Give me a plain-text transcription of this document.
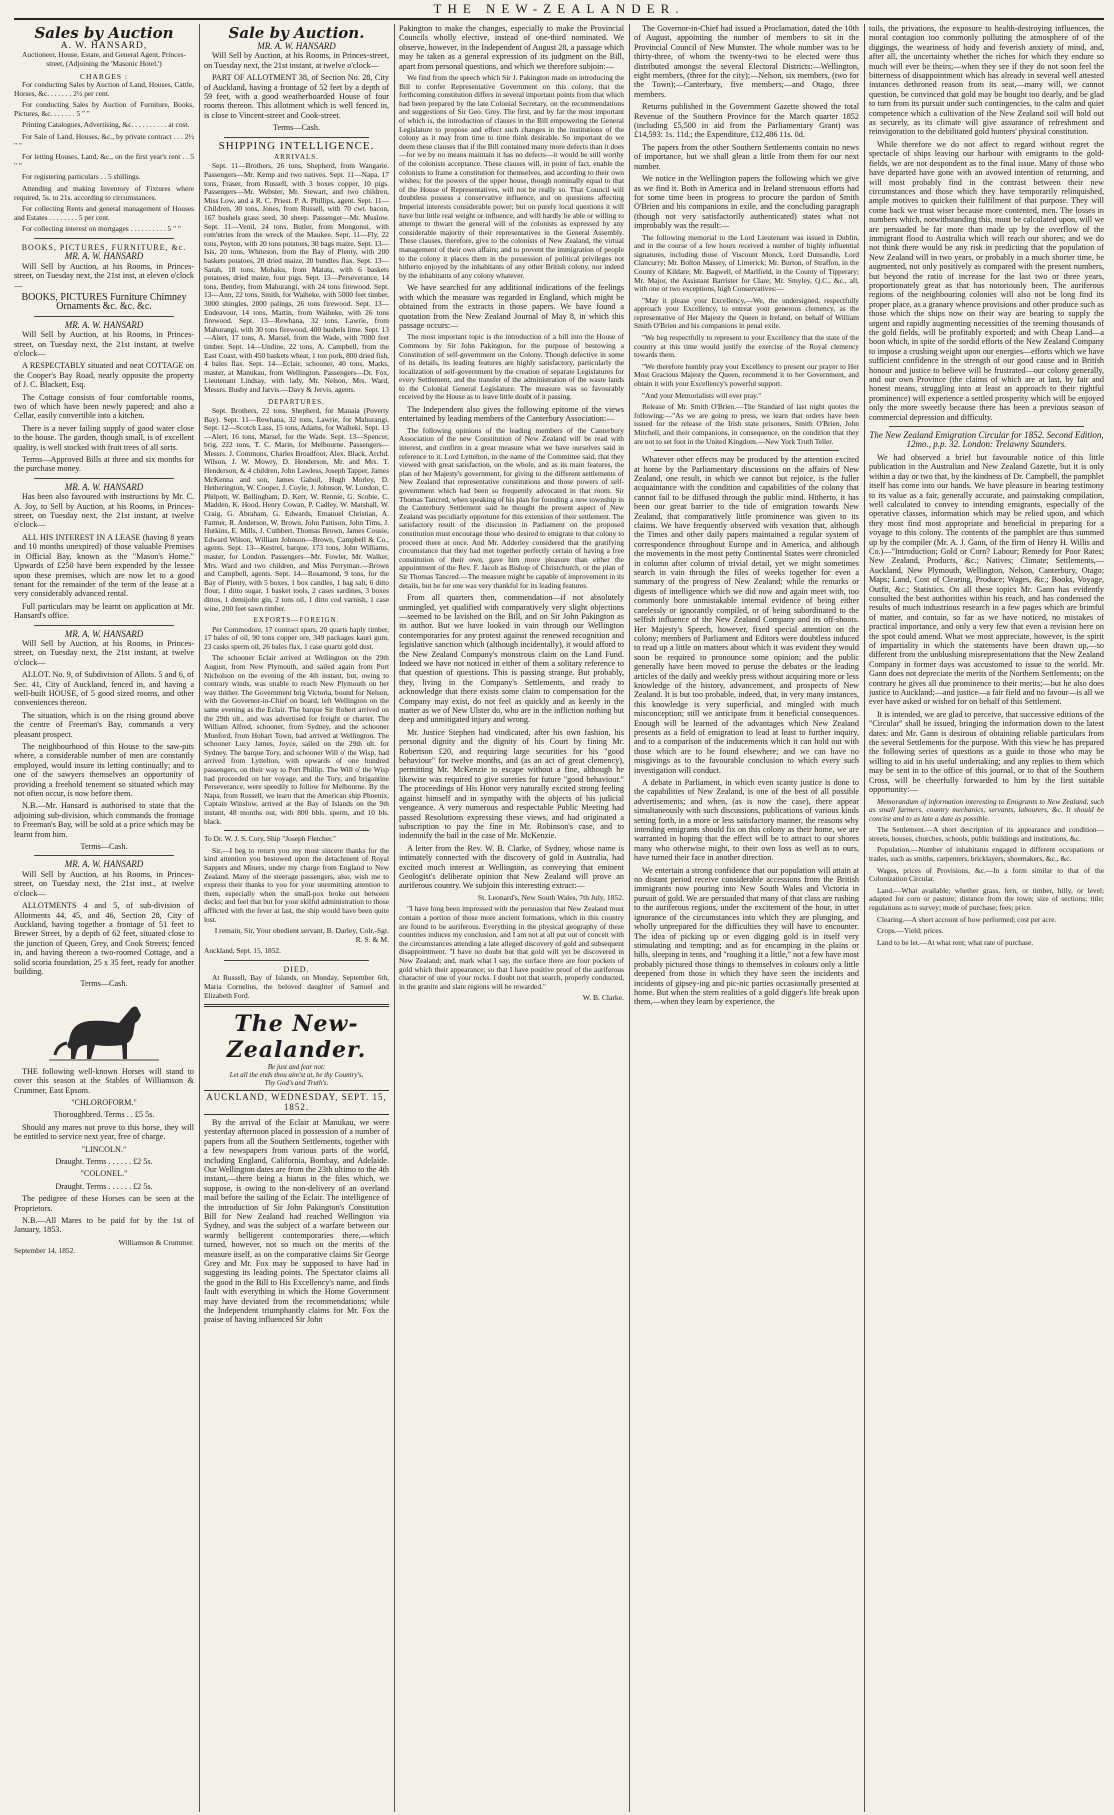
THE NEW-ZEALANDER.
Sales by Auction
A. W. HANSARD,
Auctioneer, House, Estate, and General Agent, Princes-street, (Adjoining the 'Masonic Hotel.')
CHARGES :

For conducting Sales by Auction of Land, Houses, Cattle, Horses, &c. . . . . . . 2½ per cent.

For conducting Sales by Auction of Furniture, Books, Pictures, &c. . . . . . . 5 " "

Printing Catalogues, Advertising, &c. . . . . . . . . . at cost.

For Sale of Land, Houses, &c., by private contract . . . 2½ " "

For letting Houses, Land, &c., on the first year's rent . . 5 " "

For registering particulars . . 5 shillings.

Attending and making Inventory of Fixtures where required, 5s. to 21s. according to circumstances.

For collecting Rents and general management of Houses and Estates . . . . . . . . 5 per cent.

For collecting interest on mortgages . . . . . . . . . . 5 " "

BOOKS, PICTURES, FURNITURE, &c.
MR. A. W. HANSARD

Will Sell by Auction, at his Rooms, in Princes-street, on Tuesday next, the 21st inst, at eleven o'clock—

BOOKS, PICTURES Furniture Chimney Ornaments &c. &c. &c.

MR. A. W. HANSARD

Will Sell by Auction, at his Rooms, in Princes-street, on Tuesday next, the 21st instant, at twelve o'clock—

A RESPECTABLY situated and neat COTTAGE on the Cooper's Bay Road, nearly opposite the property of J. C. Blackett, Esq.

The Cottage consists of four comfortable rooms, two of which have been newly papered; and also a Cellar, easily convertible into a kitchen.

There is a never failing supply of good water close to the house. The garden, though small, is of excellent quality, is well stocked with fruit trees of all sorts.

Terms—Approved Bills at three and six months for the purchase money.

MR. A. W. HANSARD

Has been also favoured with instructions by Mr. C. A. Joy, to Sell by Auction, at his Rooms, in Princes-street, on Tuesday next, the 21st instant, at twelve o'clock—

ALL HIS INTEREST IN A LEASE (having 8 years and 10 months unexpired) of those valuable Premises in Official Bay, known as the "Mason's Home." Upwards of £250 have been expended by the lessee upon these premises, which are now let to a good tenant for the remainder of the term of the lease at a very considerably advanced rental.

Full particulars may be learnt on application at Mr. Hansard's office.

MR. A. W. HANSARD

Will Sell by Auction, at his Rooms, in Princes-street, on Tuesday next, the 21st instant, at twelve o'clock—

ALLOT. No. 9, of Subdivision of Allots. 5 and 6, of Sec. 41, City of Auckland, fenced in, and having a well-built HOUSE, of 5 good sized rooms, and other conveniences thereon.

The situation, which is on the rising ground above the centre of Freeman's Bay, commands a very pleasant prospect.

The neighbourhood of this House to the saw-pits where, a considerable number of men are constantly employed, would insure its letting continually; and to one of the sawyers themselves an opportunity of providing a freehold tenement so situated which may not often occur, is now before them.

N.B.—Mr. Hansard is authorised to state that the adjoining sub-division, which commands the frontage to Freeman's Bay, will be sold at a price which may be learnt from him.

Terms—Cash.

MR. A. W. HANSARD

Will Sell by Auction, at his Rooms, in Princes-street, on Tuesday next, the 21st inst., at twelve o'clock—

ALLOTMENTS 4 and 5, of sub-division of Allotments 44, 45, and 46, Section 28, City of Auckland, having together a frontage of 51 feet to Brewer Street, by a depth of 62 feet, situated close to the junction of Queen, Grey, and Cook Streets; fenced in, and having thereon a two-roomed Cottage, and a solid scoria foundation, 25 x 35 feet, ready for another building.

Terms—Cash.

THE following well-known Horses will stand to cover this season at the Stables of Williamson & Crummer, East Epsom.

"CHLOROFORM."

Thoroughbred. Terms . . £5 5s.

Should any mares not prove to this horse, they will be entitled to service next year, free of charge.

"LINCOLN."

Draught. Terms . . . . . . £2 5s.

"COLONEL."

Draught. Terms . . . . . . £2 5s.

The pedigree of these Horses can be seen at the Proprietors.

N.B.—All Mares to be paid for by the 1st of January, 1853.

Williamson & Crummer.
September 14, 1852.
Sale by Auction.
MR. A. W. HANSARD

Will Sell by Auction, at his Rooms, in Princes-street, on Tuesday next, the 21st instant, at twelve o'clock—

PART OF ALLOTMENT 38, of Section No. 28, City of Auckland, having a frontage of 52 feet by a depth of 59 feet, with a good weatherboarded House of four rooms thereon. This allotment which is well fenced in, is close to Vincent-street and Cook-street.

Terms—Cash.

SHIPPING INTELLIGENCE.
ARRIVALS.

Sept. 11—Brothers, 26 tons, Shepherd, from Wangarie. Passengers—Mr. Kemp and two natives. Sept. 11—Napa, 17 tons, Fraser, from Russell, with 3 boxes copper, 10 pigs. Passengers—Mr. Webster, Mr. Stewart, and two children, Miss Low, and a R. C. Priest. P. A. Phillips, agent. Sept. 11—Children, 30 tons, Jones, from Russell, with 70 cwt. bacon, 167 bushels grass seed, 30 sheep. Passenger—Mr. Muslow. Sept. 11—Venil, 24 tons, Butler, from Mongonui, with rom'ntries from the wreck of the Maukee. Sept. 11—Fly, 22 tons, Peyton, with 20 tons potatoes, 30 bags maize. Sept. 13—Isis, 20 tons, Whiteson, from the Bay of Plenty, with 200 baskets potatoes, 20 dried maize, 20 bundles flax. Sept. 13—Sarah, 18 tons, Mohaku, from Matata, with 6 baskets potatoes, dried maize, four pigs. Sept. 13—Perseverance, 14 tons, Bentley, from Mahurangi, with 24 tons firewood. Sept. 13—Ann, 22 tons, Smith, for Waiheke, with 5000 feet timber, 3000 shingles, 2000 palings, 26 tons firewood. Sept. 13—Endeavour, 14 tons, Martin, from Waiheke, with 26 tons firewood. Sept. 13—Rewhana, 32 tons, Lawrie, from Mahurangi, with 30 tons firewood, 400 bushels lime. Sept. 13—Alert, 17 tons, A. Marsel, from the Wade, with 7000 feet timber. Sept. 14—Undine, 22 tons, A. Campbell, from the East Coast, with 450 baskets wheat, 1 ton pork, 800 dried fish, 4 bales flax. Sept. 14—Eclair, schooner, 40 tons, Marks, master, at Manukau, from Wellington. Passengers—Dr. Fox, Lieutenant Lindsay, with lady, Mr. Nelson, Mrs. Ward, Messrs. Busby and Jarvis.—Davy & Jervis, agents.

DEPARTURES.

Sept. Brothers, 22 tons, Shepherd, for Manaia (Poverty Bay). Sept. 11—Rewhana, 32 tons, Lawrie, for Mahurangi. Sept. 12—Scotch Lass, 15 tons, Adams, for Waiheki. Sept. 13—Alert, 16 tons, Marsel, for the Wade. Sept. 13—Spencer, brig, 222 tons, T. C. Marin, for Melbourne. Passengers—Messrs. J. Commons, Charles Broadfoot, Alex. Black, Archd. Wilson, J. W. Mowry, D. Henderson, Mr. and Mrs. T. Henderson, & 4 children, John Lawless, Joseph Tapper, James McKenna and son, James Gaboil, Hugh Morley, D. Hetherington, W. Cooper, J. Coyle, J. Johnson, W. London, C. Philpott, W. Bellingham, D. Kerr, W. Rennie, G. Scobie, C. Madden, K. Hood, Henry Cowan, P. Cadley, W. Marshall, W. Craig, G. Abraham, G. Edwards, Emanuel Christian, A. Farmer, R. Anderson, W. Brown, John Pattison, John Tims, J. Hutkins, E. Mills, J. Cuthbert, Thomas Brown, James Cousie, Edward Wilson, William Johnson—Brown, Campbell & Co., agents. Sept. 13—Kestrel, barque, 173 tons, John Williams, master, for London. Passengers—Mr. Fowler, Mr. Walker, Mrs. Ward and two children, and Miss Perryman.—Brown and Campbell, agents. Sept. 14—Rosamond, 9 tons, for the Bay of Plenty, with 5 boxes, 1 box candles, 1 bag salt, 6 ditto flour, 1 ditto sugar, 1 basket tools, 2 cases sardines, 3 boxes dittos, 1 demijohn gin, 2 tons oil, 1 ditto cod varnish, 1 case wine, 200 feet sawn timber.

EXPORTS—FOREIGN.

Per Commodore, 17 contract spars, 20 quarts haply timber, 17 bales of oil, 90 tons copper ore, 349 packages kauri gum, 23 casks sperm oil, 26 bales flax, 1 case quartz gold dust.

The schooner Eclair arrived at Wellington on the 29th August, from New Plymouth, and sailed again from Port Nicholson on the evening of the 4th instant, but, owing to contrary winds, was unable to reach New Plymouth on her way thither. The Government brig Victoria, bound for Nelson, with the Governor-in-Chief on board, left Wellington on the same evening as the Eclair. The barque Sir Robert arrived on the 29th ult., and was advertised for freight or charter. The William Alfred, schooner, from Sydney, and the schooner Munford, from Hobart Town, had arrived at Wellington. The schooner Lucy James, Joyce, sailed on the 29th ult. for Sydney. The barque Tory, and schooner Will o' the Wisp, had arrived from Lyttelton, with upwards of one hundred passengers, on their way to Port Phillip. The Will o' the Wisp had proceeded on her voyage, and the Tory, and brigantine Perseverance, were speedily to follow for Melbourne. By the Napa, from Russell, we learn that the American ship Phoenix, Captain Winslow, arrived at the Bay of Islands on the 9th instant, 48 months out, with 800 bbls. sperm, and 10 bls. black.

To Dr. W. J. S. Cory, Ship "Joseph Fletcher."

Sir,—I beg to return you my most sincere thanks for the kind attention you bestowed upon the detachment of Royal Sappers and Miners, under my charge from England to New Zealand. Many of the steerage passengers, also, wish me to express their thanks to you for your unremitting attention to them, especially when the small-pox broke out between decks; and feel that but for your skilful administration to those afflicted with the fever at last, the ship would have been quite lost.

I remain, Sir, Your obedient servant, B. Darley, Colr.-Sgt. R. S. & M.

Auckland, Sept. 15, 1852.

DIED.

At Russell, Bay of Islands, on Monday, September 6th, Maria Cornelius, the beloved daughter of Samuel and Elizabeth Ford.

The New-Zealander.
Be just and fear not:
Let all the ends thou aim'st at, be thy Country's,
Thy God's and Truth's.
AUCKLAND, WEDNESDAY, SEPT. 15, 1852.

By the arrival of the Eclair at Manukau, we were yesterday afternoon placed in possession of a number of papers from all the Southern Settlements, together with a few newspapers from various parts of the world, including England, California, Bombay, and Adelaide. Our Wellington dates are from the 23th ultimo to the 4th instant,—there being a hiatus in the files which, we suppose, is owing to the non-delivery of an overland mail before the sailing of the Eclair. The intelligence of the introduction of Sir John Pakington's Constitution Bill for New Zealand had reached Wellington via Sydney, and was the subject of a warfare between our warmly belligerent contemporaries there,—which turned, however, not so much on the merits of the measure itself, as on the comparative claims Sir George Grey and Mr. Fox may be supposed to have had in suggesting its leading points. The Spectator claims all the good in the Bill to His Excellency's name, and finds fault with everything in which the Home Government may have deviated from the recommendations; while the Independent triumphantly claims for Mr. Fox the praise of having influenced Sir John

Pakington to make the changes, especially to make the Provincial Councils wholly elective, instead of one-third nominated. We observe, however, in the Independent of August 28, a passage which may be taken as a general expression of its judgment on the Bill, apart from personal questions, and which we therefore subjoin:—

We find from the speech which Sir J. Pakington made on introducing the Bill to confer Representative Government on this colony, that the forthcoming constitution differs in several important points from that which had been prepared by the late Colonial Secretary, on the recommendations and suggestions of Sir Geo. Grey. The first, and by far the most important of which is, the introduction of clauses in the Bill empowering the General Legislature to propose and effect such changes in the institutions of the colony as it may from time to time think desirable. So important do we deem these clauses that if the Bill contained many more defects than it does—for we by no means maintain it has no defects—it would be still worthy of the colonists acceptance. These clauses will, in point of fact, enable the colonists to frame a constitution for themselves, and according to their own wishes; for the powers of the upper house, though nominally equal to that of the House of Representatives, will not be really so. That Council will doubtless possess a conservative influence, and on questions affecting Imperial interests considerable power; but on purely local questions it will have but little real weight or influence, and will hardly be able or willing to attempt to thwart the general will of the colonists as expressed by any considerable majority of their representatives in the General Assembly. These clauses, therefore, give to the colonists of New Zealand, the virtual management of their own affairs; and to prevent the immigration of people to the colony it places them in the possession of political privileges not hitherto enjoyed by the inhabitants of any other British colony, nor indeed by the inhabitants of any colony whatever.

We have searched for any additional indications of the feelings with which the measure was regarded in England, which might be obtained from the extracts in those papers. We have found a quotation from the New Zealand Journal of May 8, in which this passage occurs:—

The most important topic is the introduction of a bill into the House of Commons by Sir John Pakington, for the purpose of bestowing a Constitution of self-government on the Colony. Though defective in some of its details, its leading features are highly satisfactory, particularly the localization of self-government by the creation of separate Legislatures for every Settlement, and the transfer of the administration of the waste lands to the Colonial General Legislature. The measure was so favourably received by the House as to leave little doubt of it passing.

The Independent also gives the following epitome of the views entertained by leading members of the Canterbury Association:—

The following opinions of the leading members of the Canterbury Association of the new Constitution of New Zealand will be read with interest, and confirm in a great measure what we have ourselves said in reference to it. Lord Lyttelton, in the name of the Committee said, that they viewed with great satisfaction, on the whole, and as its main features, the plan of her Majesty's government, for giving to the different settlements of New Zealand that representative constitutions and those powers of self-government which had been so frequently advocated in that room. Sir Thomas Tancred, when speaking of his plan for founding a new township in the Canterbury Settlement said he thought the present aspect of New Zealand was peculiarly opportune for this extension of their settlement. The satisfactory result of the discussion in Parliament on the proposed constitution must encourage those who desired to emigrate to that colony to proceed there at once. And Mr. Adderley considered that the gratifying circumstance that they had met together perfectly certain of having a free constitution of their own, gave him more pleasure than either the appointment of the Rev. F. Jacob as Bishop of Christchurch, or the plan of Sir Thomas Tancred.—The measure might be capable of improvement in its details, but he for one was very thankful for its leading features.

From all quarters then, commendation—if not absolutely unmingled, yet qualified with comparatively very slight objections—seemed to be lavished on the Bill, and on Sir John Pakington as its author. But we have looked in vain through our Wellington contemporaries for any protest against the renewed recognition and legislative sanction which (although incidentally), it would afford to the New Zealand Company's monstrous claim on the Land Fund. Indeed we have not noticed in either of them a solitary reference to that question of questions. This is passing strange. But probably, they, living in the Company's Settlements, and ready to acknowledge that there exists some claim to compensation for the Company may exist, do not feel as quickly and as keenly in the matter as we of New Ulster do, who are in the infliction nothing but deep and unmitigated injury and wrong.

Mr. Justice Stephen had vindicated, after his own fashion, his personal dignity and the dignity of his Court by fining Mr. Robertson £20, and requiring large securities for his "good behaviour" for twelve months, and (as an act of great clemency), permitting Mr. McKenzie to escape without a fine, although he likewise was required to give sureties for future "good behaviour." The proceedings of His Honor very naturally excited strong feeling against himself and in sympathy with the objects of his judicial vengeance. A very numerous and respectable Public Meeting had passed Resolutions expressing these views, and had originated a subscription to pay the fine in Mr. Robinson's case, and to indemnify the bail in the case of Mr. McKenzie.

A letter from the Rev. W. B. Clarke, of Sydney, whose name is intimately connected with the discovery of gold in Australia, had excited much interest at Wellington, as conveying that eminent Geologist's deliberate opinion that New Zealand will prove an auriferous country. We subjoin this interesting extract:—

St. Leonard's, New South Wales, 7th July, 1852.

"I have long been impressed with the persuasion that New Zealand must contain a portion of those more ancient formations, which in this country are found to be auriferous. Everything in the physical geography of these countries induces my conclusion, and I am not at all put out of conceit with the circumstances attending a late alleged discovery of gold and subsequent disappointment. "I have no doubt but that gold will yet be discovered in New Zealand; and, mark what I say, the surface there are four pockets of gold which their appearance; so that I have positive proof of the auriferous character of one of your rocks. I doubt not that search, properly conducted, in the granite and slate regions will be rewarded."

W. B. Clarke.

The Governor-in-Chief had issued a Proclamation, dated the 10th of August, appointing the number of members to sit in the Provincial Council of New Munster. The whole number was to be thirty-three, of whom the twenty-two to be elected were thus distributed amongst the several Electoral Districts:—Wellington, eight members, (three for the city);—Nelson, six members, (two for the Town);—Canterbury, five members;—and Otago, three members.

Returns published in the Government Gazette showed the total Revenue of the Southern Province for the March quarter 1852 (including £5,500 in aid from the Parliamentary Grant) was £14,593: 1s. 11d.; the Expenditure, £12,486 11s. 0d.

The papers from the other Southern Settlements contain no news of importance, but we shall glean a little from them for our next number.

We notice in the Wellington papers the following which we give as we find it. Both in America and in Ireland strenuous efforts had for some time been in progress to procure the pardon of Smith O'Brien and his companions in exile, and the concluding paragraph (though not very satisfactorily authenticated) states what not improbably was the result:—

The following memorial to the Lord Lieutenant was issued in Dublin, and in the course of a few hours received a number of highly influential signatures, including those of Viscount Monck, Lord Dunsandle, Lord Clancurry; Mr. Bolton Massey, of Limerick; Mr. Burton, of Straffon, in the County of Kildare; Mr. Bagwell, of Marlfield, in the County of Tipperary; Mr. Major, the Assistant Barrister for Clare; Mr. Smyley, Q.C., &c., all, with one or two exceptions, high Conservatives:—

"May it please your Excellency,—We, the undersigned, respectfully approach your Excellency, to entreat your generous clemency, as the representative of Her Majesty the Queen in Ireland, on behalf of William Smith O'Brien and his companions in penal exile.

"We beg respectfully to represent to your Excellency that the state of the country at this time would justify the exercise of the Royal clemency towards them.

"We therefore humbly pray your Excellency to present our prayer to Her Most Gracious Majesty the Queen, recommend it to her Government, and obtain it with your Excellency's powerful support.

"And your Memorialists will ever pray."

Release of Mr. Smith O'Brien.—The Standard of last night quotes the following:—"As we are going to press, we learn that orders have been issued for the release of the Irish state prisoners, Smith O'Brien, John Mitchell, and their companions, in consequence, on the condition that they are not to set foot in the United Kingdom.—New York Truth Teller.

Whatever other effects may be produced by the attention excited at home by the Parliamentary discussions on the affairs of New Zealand, one result, in which we cannot but rejoice, is the fuller acquaintance with the condition and capabilities of the colony that cannot fail to be diffused through the public mind. Hitherto, it has been our great barrier to the tide of emigration towards New Zealand, that comparatively little prominence was given to its claims. We have frequently observed with vexation that, although the Times and other daily papers maintained a regular system of correspondence throughout Europe and in America, and although the movements in the most petty Continental States were chronicled in column after column of trivial detail, yet we might sometimes search in vain through the files of weeks together for even a summary of the progress of New Zealand; while the remarks or digests of intelligence which we did now and again meet with, too commonly bore unmistakable internal evidence of being either carelessly or ignorantly compiled, or of being subordinated to the selfish influence of the New Zealand Company and its off-shoots. Her Majesty's Speech, however, fixed special attention on the colony; members of Parliament and Editors were doubtless induced to read up a little on matters about which it was evident they would soon be required to pronounce some opinion; and the public generally have been moved to peruse the debates or the leading articles of the daily and weekly press without acquiring more or less knowledge of the history, advancement, and prospects of New Zealand. It is but too probable, indeed, that, in very many instances, this knowledge is very superficial, and mingled with much misconception; still we anticipate from it beneficial consequences. Enough will be learned of the advantages which New Zealand presents as a field of emigration to lead at least to further inquiry, and to a comparison of the inducements which it can hold out with those which are to be found elsewhere; and we can have no misgivings as to the favourable conclusion to which every such investigation will conduct.

A debate in Parliament, in which even scanty justice is done to the capabilities of New Zealand, is one of the best of all possible advertisements; and when, (as is now the case), there appear simultaneously with such discussions, publications of various kinds setting forth, in a more or less satisfactory manner, the reasons why intending emigrants should fix on this colony as their home, we are warranted in hoping that the effect will be to attract to our shores many who otherwise might, to their own loss as well as to ours, have turned their face in another direction.

We entertain a strong confidence that our population will attain at no distant period receive considerable accessions from the British immigrants now pouring into New South Wales and Victoria in pursuit of gold. We are persuaded that many of that class are rushing to the auriferous regions, under the excitement of the hour, in utter ignorance of the circumstances into which they are plunging, and wholly unprepared for the difficulties they will have to encounter. The idea of picking up or even digging gold is in itself very stimulating and tempting; and as for encamping in the plains or hills, sleeping in tents, and "roughing it a little," not a few have most probably pictured those things to themselves in colours only a little deepened from those in which they have seen the incidents and incidents of gipsey-ing and pic-nic parties occasionally presented at home. But when the stern realities of a gold digger's life break upon them,—when they learn by experience, the

toils, the privations, the exposure to health-destroying influences, the moral contagion too commonly polluting the atmosphere of of the diggings, the weariness of body and feverish anxiety of mind, and, after all, the uncertainty whether the riches for which they endure so much will ever be theirs;—when they see if they do not soon feel the bitterness of disappointment which has already in several well attested instances dethroned reason from its seat,—many will, we cannot question, be convinced that gold may be bought too dearly, and be glad to turn from its pursuit under such contingencies, to the calm and quiet competence which a cultivation of the New Zealand soil will hold out as securely, as its climate will give assurance of refreshment and reinvigoration to the debilitated gold hunters' physical constitution.

While therefore we do not affect to regard without regret the spectacle of ships leaving our harbour with emigrants to the gold-fields, we are not despondent as to the final issue. Many of those who have departed have gone with an avowed intention of returning, and will most probably find in the contrast between their new circumstances and those which they have temporarily relinquished, ample motives to quicken their fulfilment of that purpose. They will come back we trust wiser because more contented, men. The losses in numbers which, notwithstanding this, must be calculated upon, will we are persuaded be far more than made up by the overflow of the immigrant flood to Australia which will reach our shores; and we do not think there would be any risk in predicting that the population of New Zealand will in two years, or probably in a much shorter time, be augmented, not only positively as compared with the present numbers, but beyond the ratio of increase for the last two or three years, proportionately great as that has notoriously been. The auriferous regions of the neighbouring colonies will also not be long find its proper place, as a granary whence provisions and other produce such as those which the ships now on their way are bearing to supply the urgent and rapidly augmenting necessities of the teeming thousands of the gold fields, will be profitably exported; and with Cheap Land—a boon which, in spite of the sordid efforts of the New Zealand Company to impose a crushing weight upon our energies—efforts which we have sufficient confidence in the strength of our good cause and in British honour and justice to believe will be frustrated—our colony generally, and our own Province (the claims of which are at last, by fair and honest means, struggling into at least an approach to their rightful prominence) will experience a settled prosperity which will be enjoyed only the more sweetly because there has been a previous season of commercial depression and difficulty.

The New Zealand Emigration Circular for 1852. Second Edition, 12mo., p.p. 32. London: Trelawny Saunders.

We had observed a brief but favourable notice of this little publication in the Australian and New Zealand Gazette, but it is only within a day or two that, by the kindness of Dr. Campbell, the pamphlet itself has come into our hands. We have pleasure in bearing testimony to its value as a fair, generally accurate, and painstaking compilation, well calculated to convey to intending emigrants, especially of the operative classes, information which may be relied upon, and which they most find most appropriate and beneficial in preparing for a voyage to this colony. The contents of the pamphlet are thus summed up by the compiler (Mr. A. J. Gann, of the firm of Henry H. Willis and Co.)—"Introduction; Gold or Corn? Labour; Remedy for Poor Rates; New Zealand, Products, &c.; Natives; Climate; Settlements,—Auckland, New Plymouth, Wellington, Nelson, Canterbury, Otago; Maps; Land, Cost of Clearing, Produce; Wages, &c.; Books, Voyage, Outfit, &c.; Statistics. On all these topics Mr. Gann has evidently consulted the best authorities within his reach, and has condensed the results of much industrious research in a few pages which are brimful of matter, and contain, so far as we have noticed, no mistakes of practical importance, and only a very few that even a revision here on the spot could amend. What we most appreciate, however, is the spirit of impartiality in which the statements have been drawn up,—so different from the unblushing misrepresentations that the New Zealand Company in former days was accustomed to issue to the world. Mr. Gann does not depreciate the merits of the Northern Settlements; on the contrary he gives all due prominence to their merits;—but he also does justice to Auckland;—and justice—a fair field and no favour—is all we ever have asked or wished for on behalf of this Settlement.

It is intended, we are glad to perceive, that successive editions of the "Circular" shall be issued, bringing the information down to the latest dates: and Mr. Gann is desirous of obtaining reliable particulars from the several Settlements for the purpose. With this view he has prepared the following series of questions as a guide to those who may be willing to aid in his useful undertaking; and any replies to them which may be sent in to the office of this journal, or to that of the Southern Cross, will be cheerfully forwarded to him by the first suitable opportunity:—

Memorandum of information interesting to Emigrants to New Zealand, such as small farmers, country mechanics, servants, labourers, &c. It should be concise and to as late a date as possible.

The Settlement.—A short description of its appearance and condition—streets, houses, churches, schools, public buildings and institutions, &c.

Population.—Number of inhabitants engaged in different occupations or trades, such as smiths, carpenters, bricklayers, shoemakers, &c., &c.

Wages, prices of Provisions, &c.—In a form similar to that of the Colonization Circular.

Land.—What available; whether grass, fern, or timber, hilly, or level; adapted for corn or pasture; distance from the town; size of sections; title; regulations as to survey; mode of purchase; fees; price.

Clearing.—A short account of how performed; cost per acre.

Crops.—Yield; prices.

Land to be let.—At what rent; what rate of purchase.
